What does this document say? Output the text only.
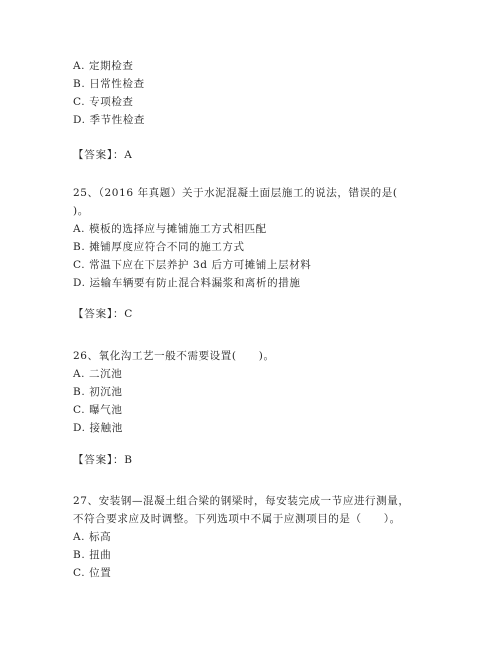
A. 定期检查
B. 日常性检查
C. 专项检查
D. 季节性检查
【答案】：A
25、（2016 年真题）关于水泥混凝土面层施工的说法，错误的是(
)。
A. 模板的选择应与摊铺施工方式相匹配
B. 摊铺厚度应符合不同的施工方式
C. 常温下应在下层养护 3d 后方可摊铺上层材料
D. 运输车辆要有防止混合料漏浆和离析的措施
【答案】：C
26、氧化沟工艺一般不需要设置(　　)。
A. 二沉池
B. 初沉池
C. 曝气池
D. 接触池
【答案】：B
27、安装钢—混凝土组合梁的钢梁时，每安装完成一节应进行测量，
不符合要求应及时调整。下列选项中不属于应测项目的是（　　）。
A. 标高
B. 扭曲
C. 位置
